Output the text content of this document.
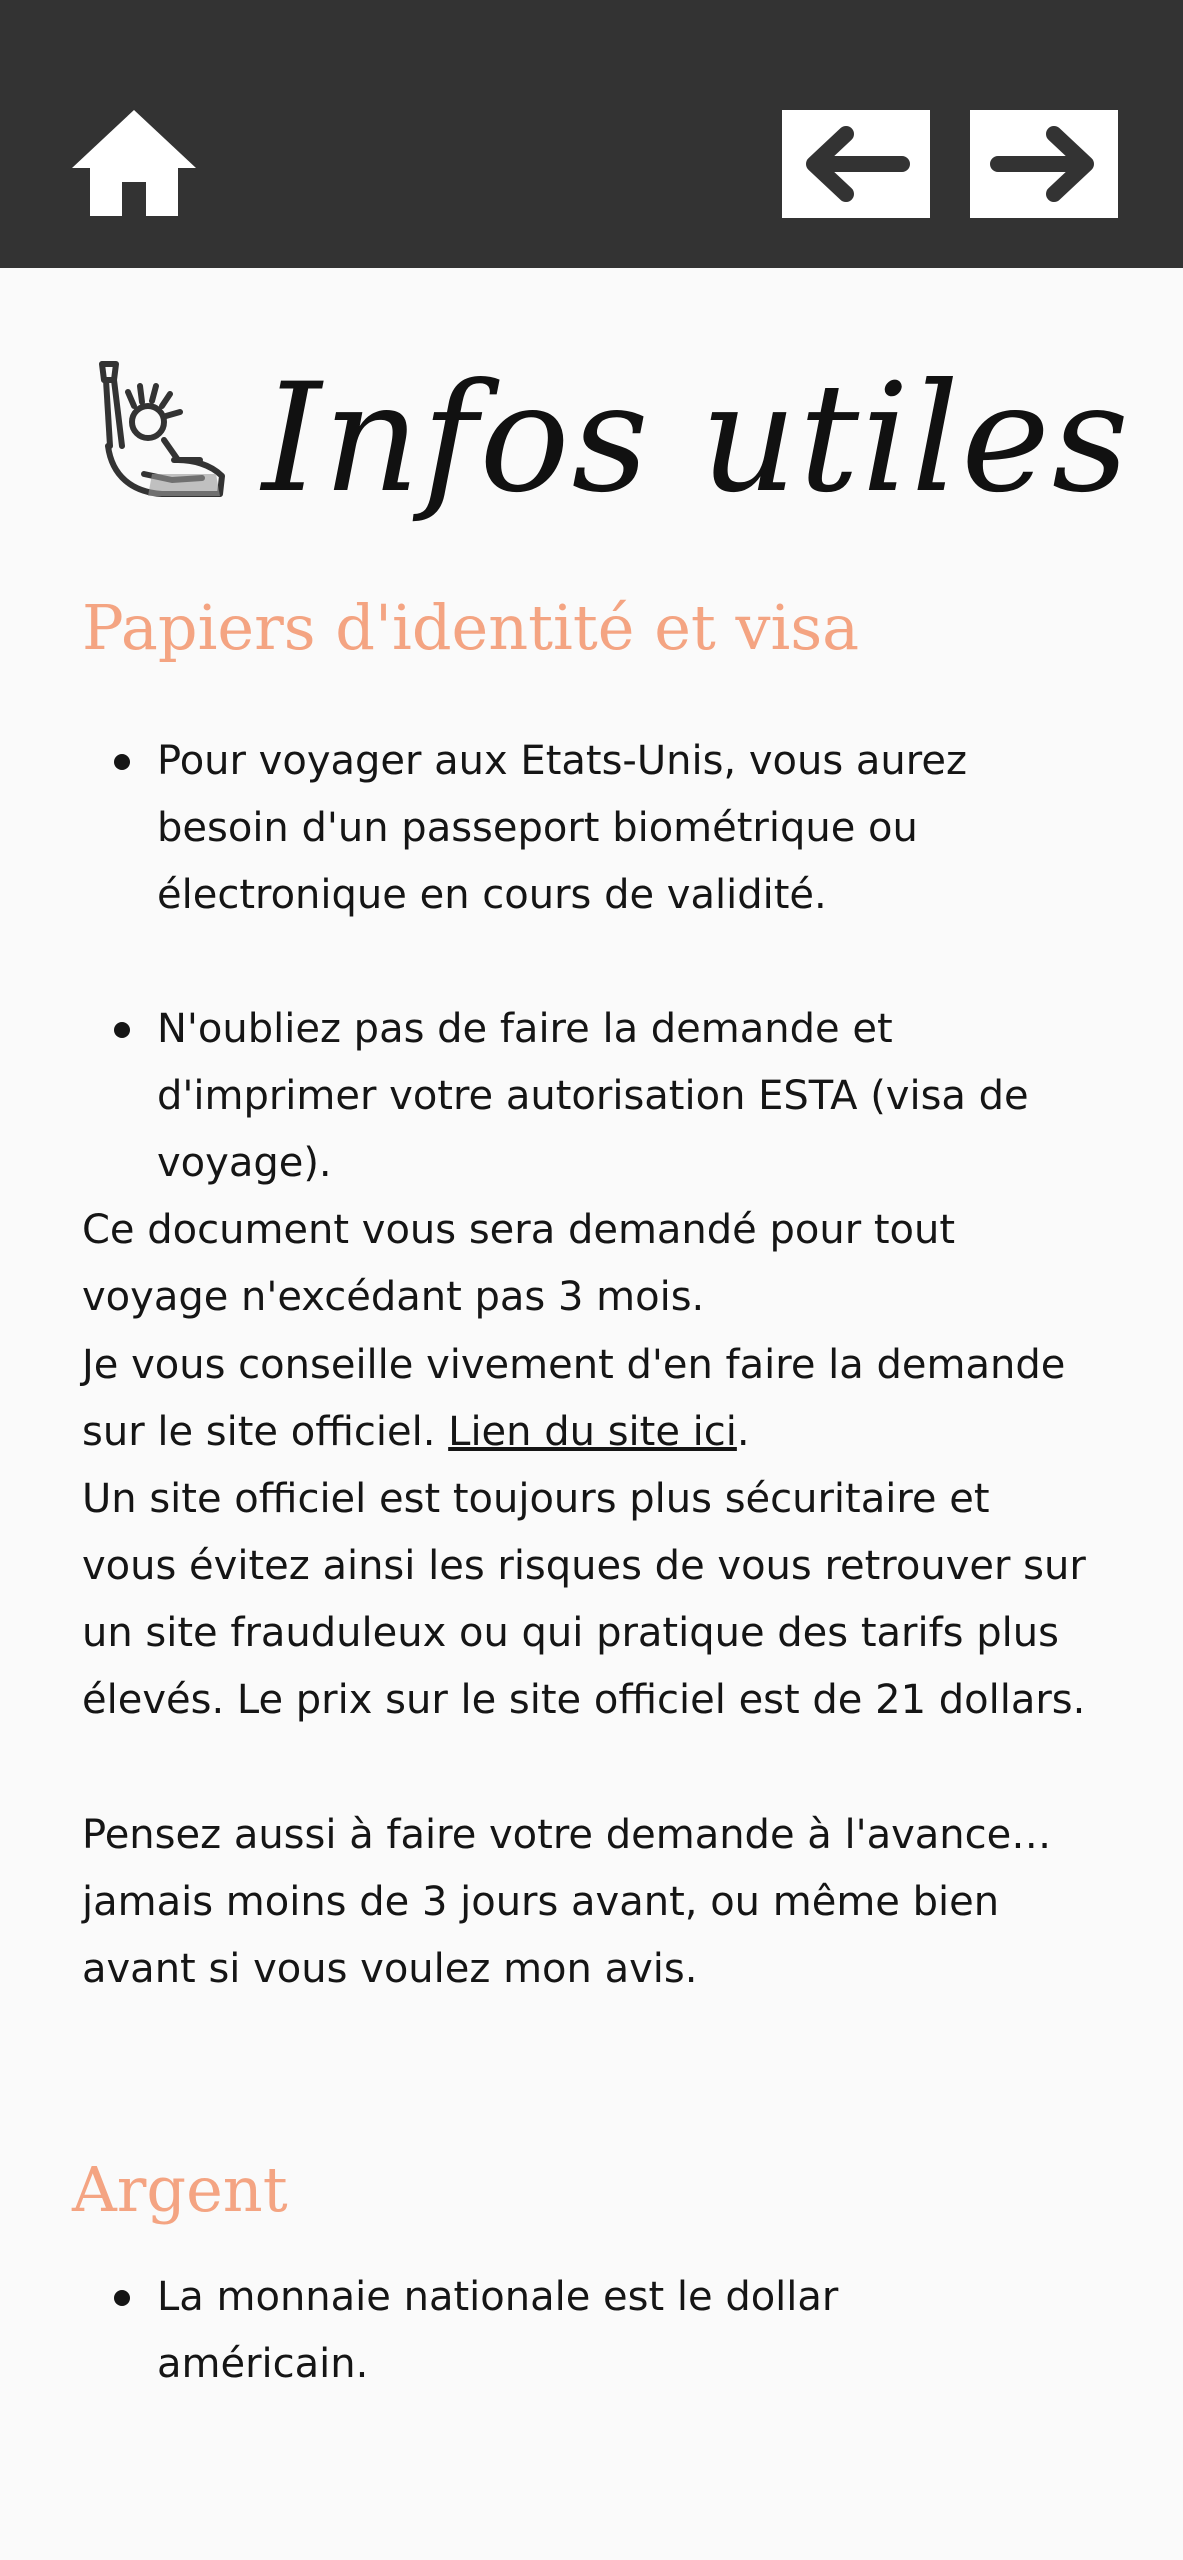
Infos utiles
Papiers d'identité et visa
Pour voyager aux Etats-Unis, vous aurez besoin d'un passeport biométrique ou électronique en cours de validité.
N'oubliez pas de faire la demande et d'imprimer votre autorisation ESTA (visa de voyage).
Ce document vous sera demandé pour tout voyage n'excédant pas 3 mois.
Je vous conseille vivement d'en faire la demande sur le site officiel. Lien du site ici.
Un site officiel est toujours plus sécuritaire et vous évitez ainsi les risques de vous retrouver sur un site frauduleux ou qui pratique des tarifs plus élevés. Le prix sur le site officiel est de 21 dollars.
Pensez aussi à faire votre demande à l'avance… jamais moins de 3 jours avant, ou même bien avant si vous voulez mon avis.
Argent
La monnaie nationale est le dollar américain.
